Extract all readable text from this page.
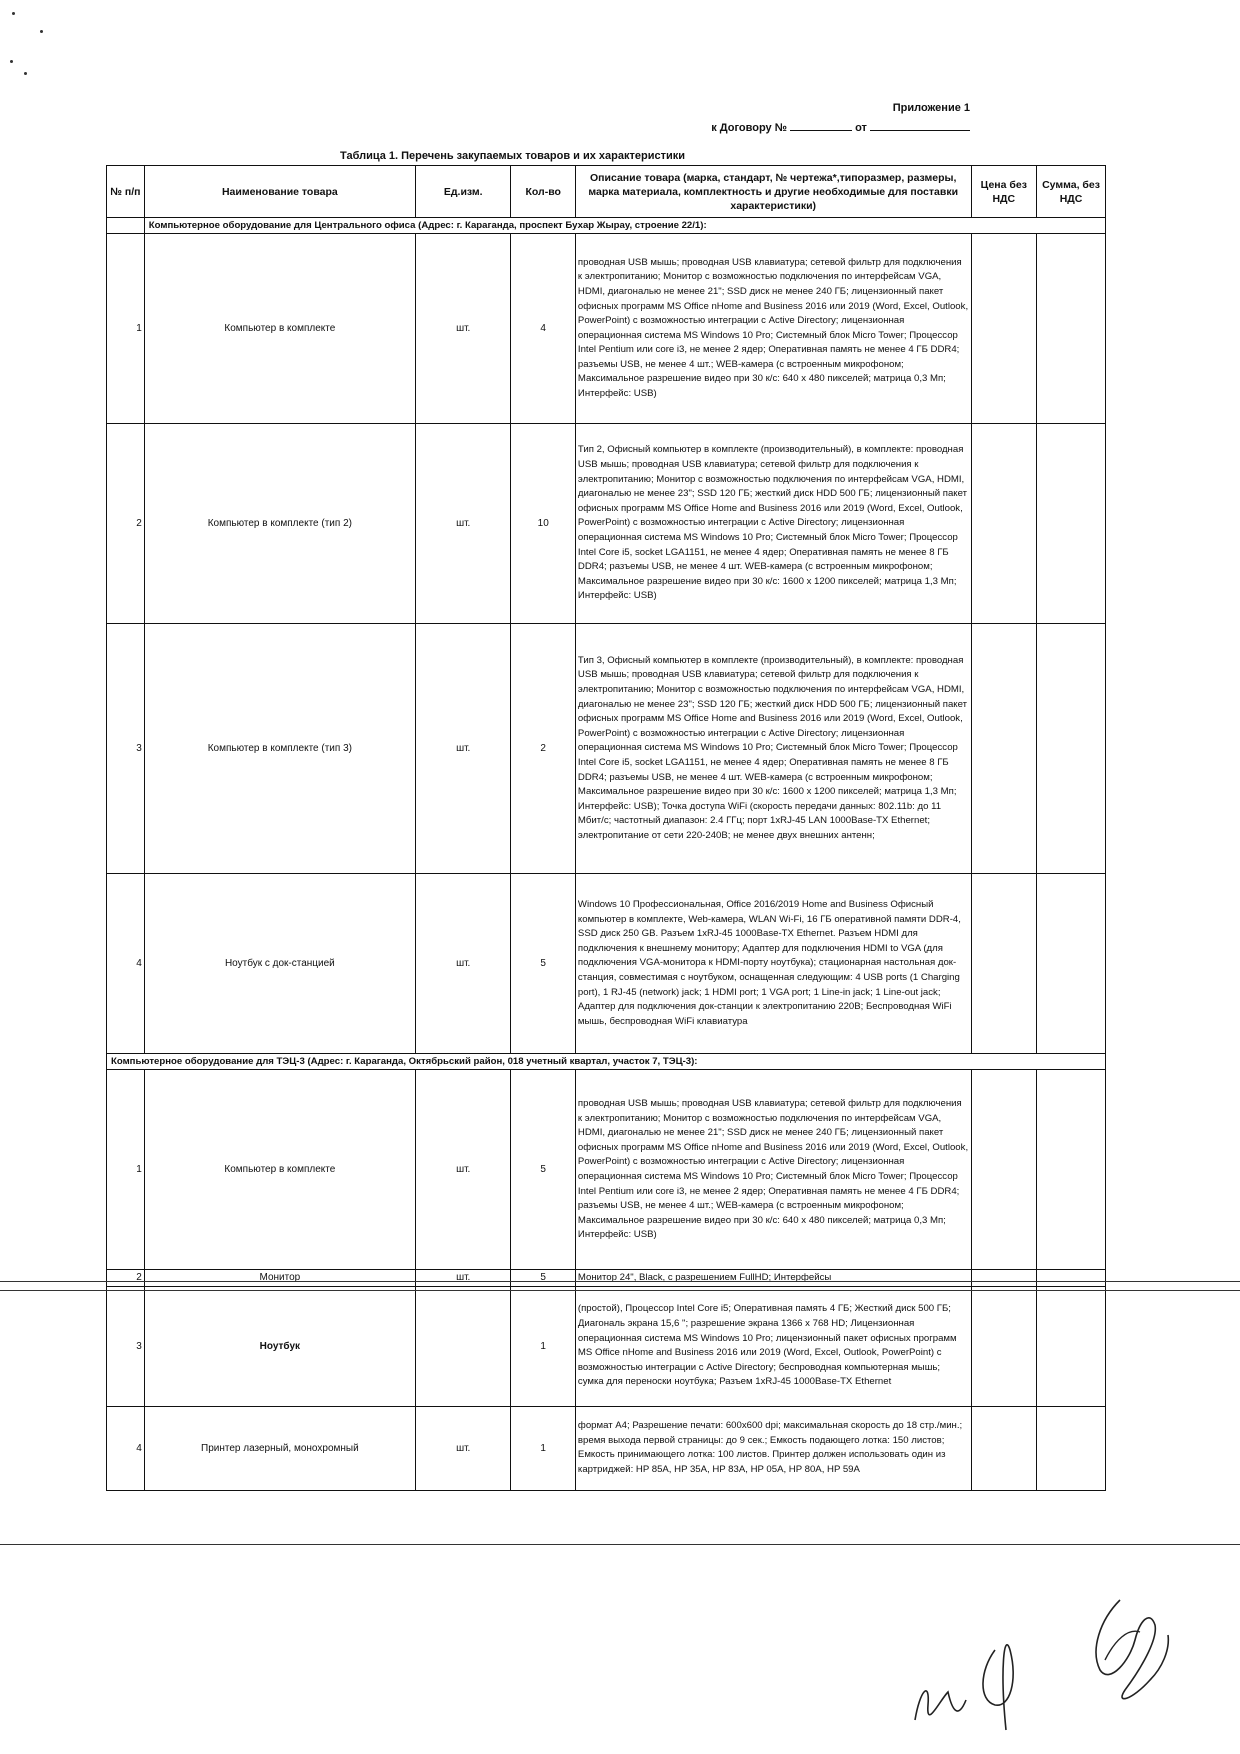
Приложение 1
к Договору №	от
Таблица 1. Перечень закупаемых товаров и их характеристики
№ п/п	Наименование товара	Ед.изм.	Кол-во	Описание товара (марка, стандарт, № чертежа*,типоразмер, размеры, марка материала, комплектность и другие необходимые для поставки характеристики)	Цена без НДС	Сумма, без НДС
	Компьютерное оборудование для Центрального офиса (Адрес: г. Караганда, проспект Бухар Жырау, строение 22/1):					
1	Компьютер в комплекте	шт.	4	проводная USB мышь; проводная USB клавиатура; сетевой фильтр для подключения к электропитанию; Монитор с возможностью подключения по интерфейсам VGA, HDMI, диагональю не менее 21"; SSD диск не менее 240 ГБ; лицензионный пакет офисных программ MS Office nHome and Business 2016 или 2019 (Word, Excel, Outlook, PowerPoint) с возможностью интеграции с Active Directory; лицензионная операционная система MS Windows 10 Pro; Системный блок Micro Tower; Процессор Intel Pentium или core i3, не менее 2 ядер; Оперативная память не менее 4 ГБ DDR4; разъемы USB, не менее 4 шт.; WEB-камера (с встроенным микрофоном; Максимальное разрешение видео при 30 к/с: 640 x 480 пикселей; матрица 0,3 Мп; Интерфейс: USB)		
2	Компьютер в комплекте (тип 2)	шт.	10	Тип 2, Офисный компьютер в комплекте (производительный), в комплекте: проводная USB мышь; проводная USB клавиатура; сетевой фильтр для подключения к электропитанию; Монитор с возможностью подключения по интерфейсам VGA, HDMI, диагональю не менее 23"; SSD 120 ГБ; жесткий диск HDD 500 ГБ; лицензионный пакет офисных программ MS Office Home and Business 2016 или 2019 (Word, Excel, Outlook, PowerPoint) с возможностью интеграции с Active Directory; лицензионная операционная система MS Windows 10 Pro; Системный блок Micro Tower; Процессор Intel Core i5, socket LGA1151, не менее 4 ядер; Оперативная память не менее 8 ГБ DDR4; разъемы USB, не менее 4 шт. WEB-камера (с встроенным микрофоном; Максимальное разрешение видео при 30 к/с: 1600 x 1200 пикселей; матрица 1,3 Мп; Интерфейс: USB)		
3	Компьютер в комплекте (тип 3)	шт.	2	Тип 3, Офисный компьютер в комплекте (производительный), в комплекте: проводная USB мышь; проводная USB клавиатура; сетевой фильтр для подключения к электропитанию; Монитор с возможностью подключения по интерфейсам VGA, HDMI, диагональю не менее 23"; SSD 120 ГБ; жесткий диск HDD 500 ГБ; лицензионный пакет офисных программ MS Office Home and Business 2016 или 2019 (Word, Excel, Outlook, PowerPoint) с возможностью интеграции с Active Directory; лицензионная операционная система MS Windows 10 Pro; Системный блок Micro Tower; Процессор Intel Core i5, socket LGA1151, не менее 4 ядер; Оперативная память не менее 8 ГБ DDR4; разъемы USB, не менее 4 шт. WEB-камера (с встроенным микрофоном; Максимальное разрешение видео при 30 к/с: 1600 x 1200 пикселей; матрица 1,3 Мп; Интерфейс: USB); Точка доступа WiFi (скорость передачи данных: 802.11b: до 11 Мбит/с; частотный диапазон: 2.4 ГГц; порт 1xRJ-45 LAN 1000Base-TX Ethernet; электропитание от сети 220-240В; не менее двух внешних антенн;		
4	Ноутбук с док-станцией	шт.	5	Windows 10 Профессиональная, Office 2016/2019 Home and Business Офисный компьютер в комплекте, Web-камера, WLAN Wi-Fi, 16 ГБ оперативной памяти DDR-4, SSD диск 250 GB. Разъем 1xRJ-45 1000Base-TX Ethernet. Разъем HDMI для подключения к внешнему монитору; Адаптер для подключения HDMI to VGA (для подключения VGA-монитора к HDMI-порту ноутбука); стационарная настольная док-станция, совместимая с ноутбуком, оснащенная следующим: 4 USB ports (1 Charging port), 1 RJ-45 (network) jack; 1 HDMI port; 1 VGA port; 1 Line-in jack; 1 Line-out jack; Адаптер для подключения док-станции к электропитанию 220В; Беспроводная WiFi мышь, беспроводная WiFi клавиатура		
Компьютерное оборудование для ТЭЦ-3 (Адрес: г. Караганда, Октябрьский район, 018 учетный квартал, участок 7, ТЭЦ-3):						
1	Компьютер в комплекте	шт.	5	проводная USB мышь; проводная USB клавиатура; сетевой фильтр для подключения к электропитанию; Монитор с возможностью подключения по интерфейсам VGA, HDMI, диагональю не менее 21"; SSD диск не менее 240 ГБ; лицензионный пакет офисных программ MS Office nHome and Business 2016 или 2019 (Word, Excel, Outlook, PowerPoint) с возможностью интеграции с Active Directory; лицензионная операционная система MS Windows 10 Pro; Системный блок Micro Tower; Процессор Intel Pentium или core i3, не менее 2 ядер; Оперативная память не менее 4 ГБ DDR4; разъемы USB, не менее 4 шт.; WEB-камера (с встроенным микрофоном; Максимальное разрешение видео при 30 к/с: 640 x 480 пикселей; матрица 0,3 Мп; Интерфейс: USB)		
2	Монитор	шт.	5	Монитор 24", Black, с разрешением FullHD; Интерфейсы		
3	Ноутбук		1	(простой), Процессор Intel Core i5; Оперативная память 4 ГБ; Жесткий диск 500 ГБ; Диагональ экрана 15,6 "; разрешение экрана 1366 x 768 HD; Лицензионная операционная система MS Windows 10 Pro; лицензионный пакет офисных программ MS Office nHome and Business 2016 или 2019 (Word, Excel, Outlook, PowerPoint) с возможностью интеграции с Active Directory; беспроводная компьютерная мышь; сумка для переноски ноутбука; Разъем 1xRJ-45 1000Base-TX Ethernet		
4	Принтер лазерный, монохромный	шт.	1	формат А4; Разрешение печати: 600x600 dpi; максимальная скорость до 18 стр./мин.; время выхода первой страницы: до 9 сек.; Емкость подающего лотка: 150 листов; Емкость принимающего лотка: 100 листов. Принтер должен использовать один из картриджей: HP 85A, HP 35A, HP 83A, HP 05A, HP 80A, HP 59A		
